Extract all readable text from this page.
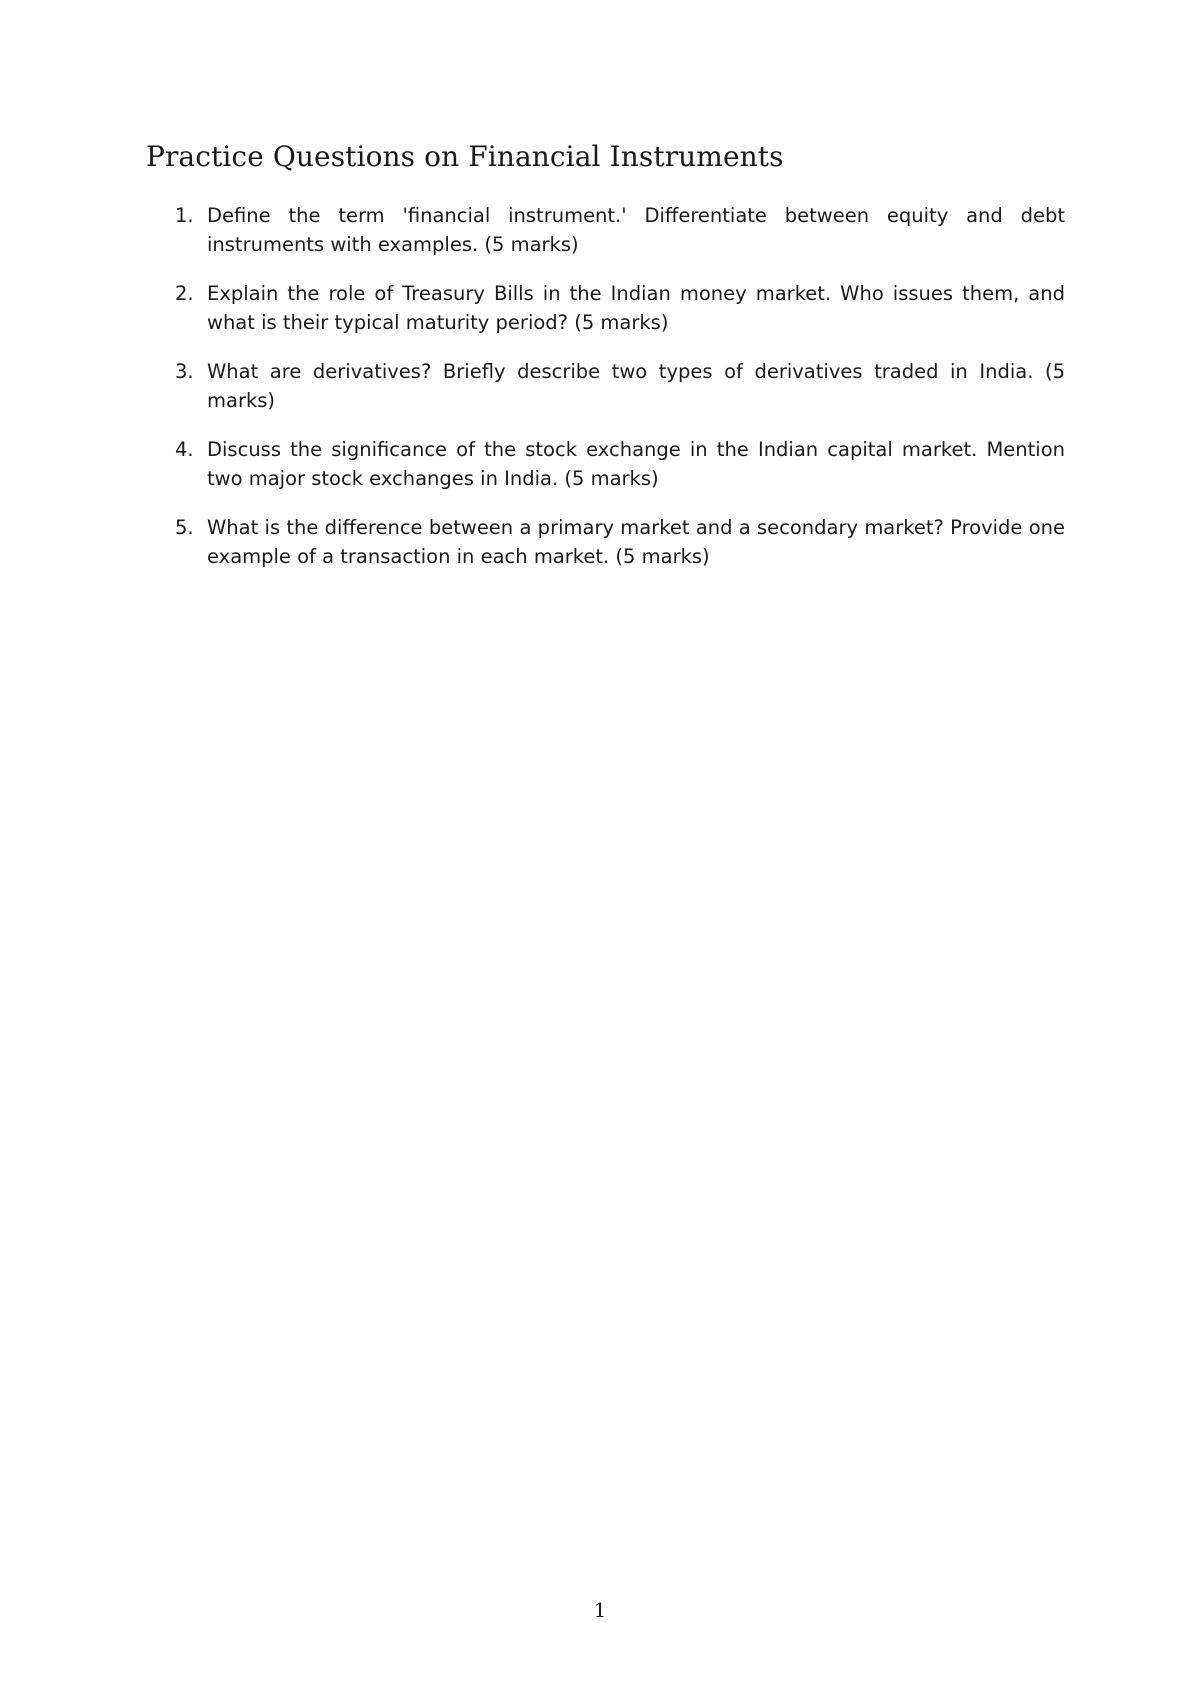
Practice Questions on Financial Instruments
1. Define the term 'financial instrument.' Differentiate between equity and debt instruments with examples. (5 marks)
2. Explain the role of Treasury Bills in the Indian money market. Who issues them, and what is their typical maturity period? (5 marks)
3. What are derivatives? Briefly describe two types of derivatives traded in India. (5 marks)
4. Discuss the significance of the stock exchange in the Indian capital market. Mention two major stock exchanges in India. (5 marks)
5. What is the difference between a primary market and a secondary market? Provide one example of a transaction in each market. (5 marks)
1
